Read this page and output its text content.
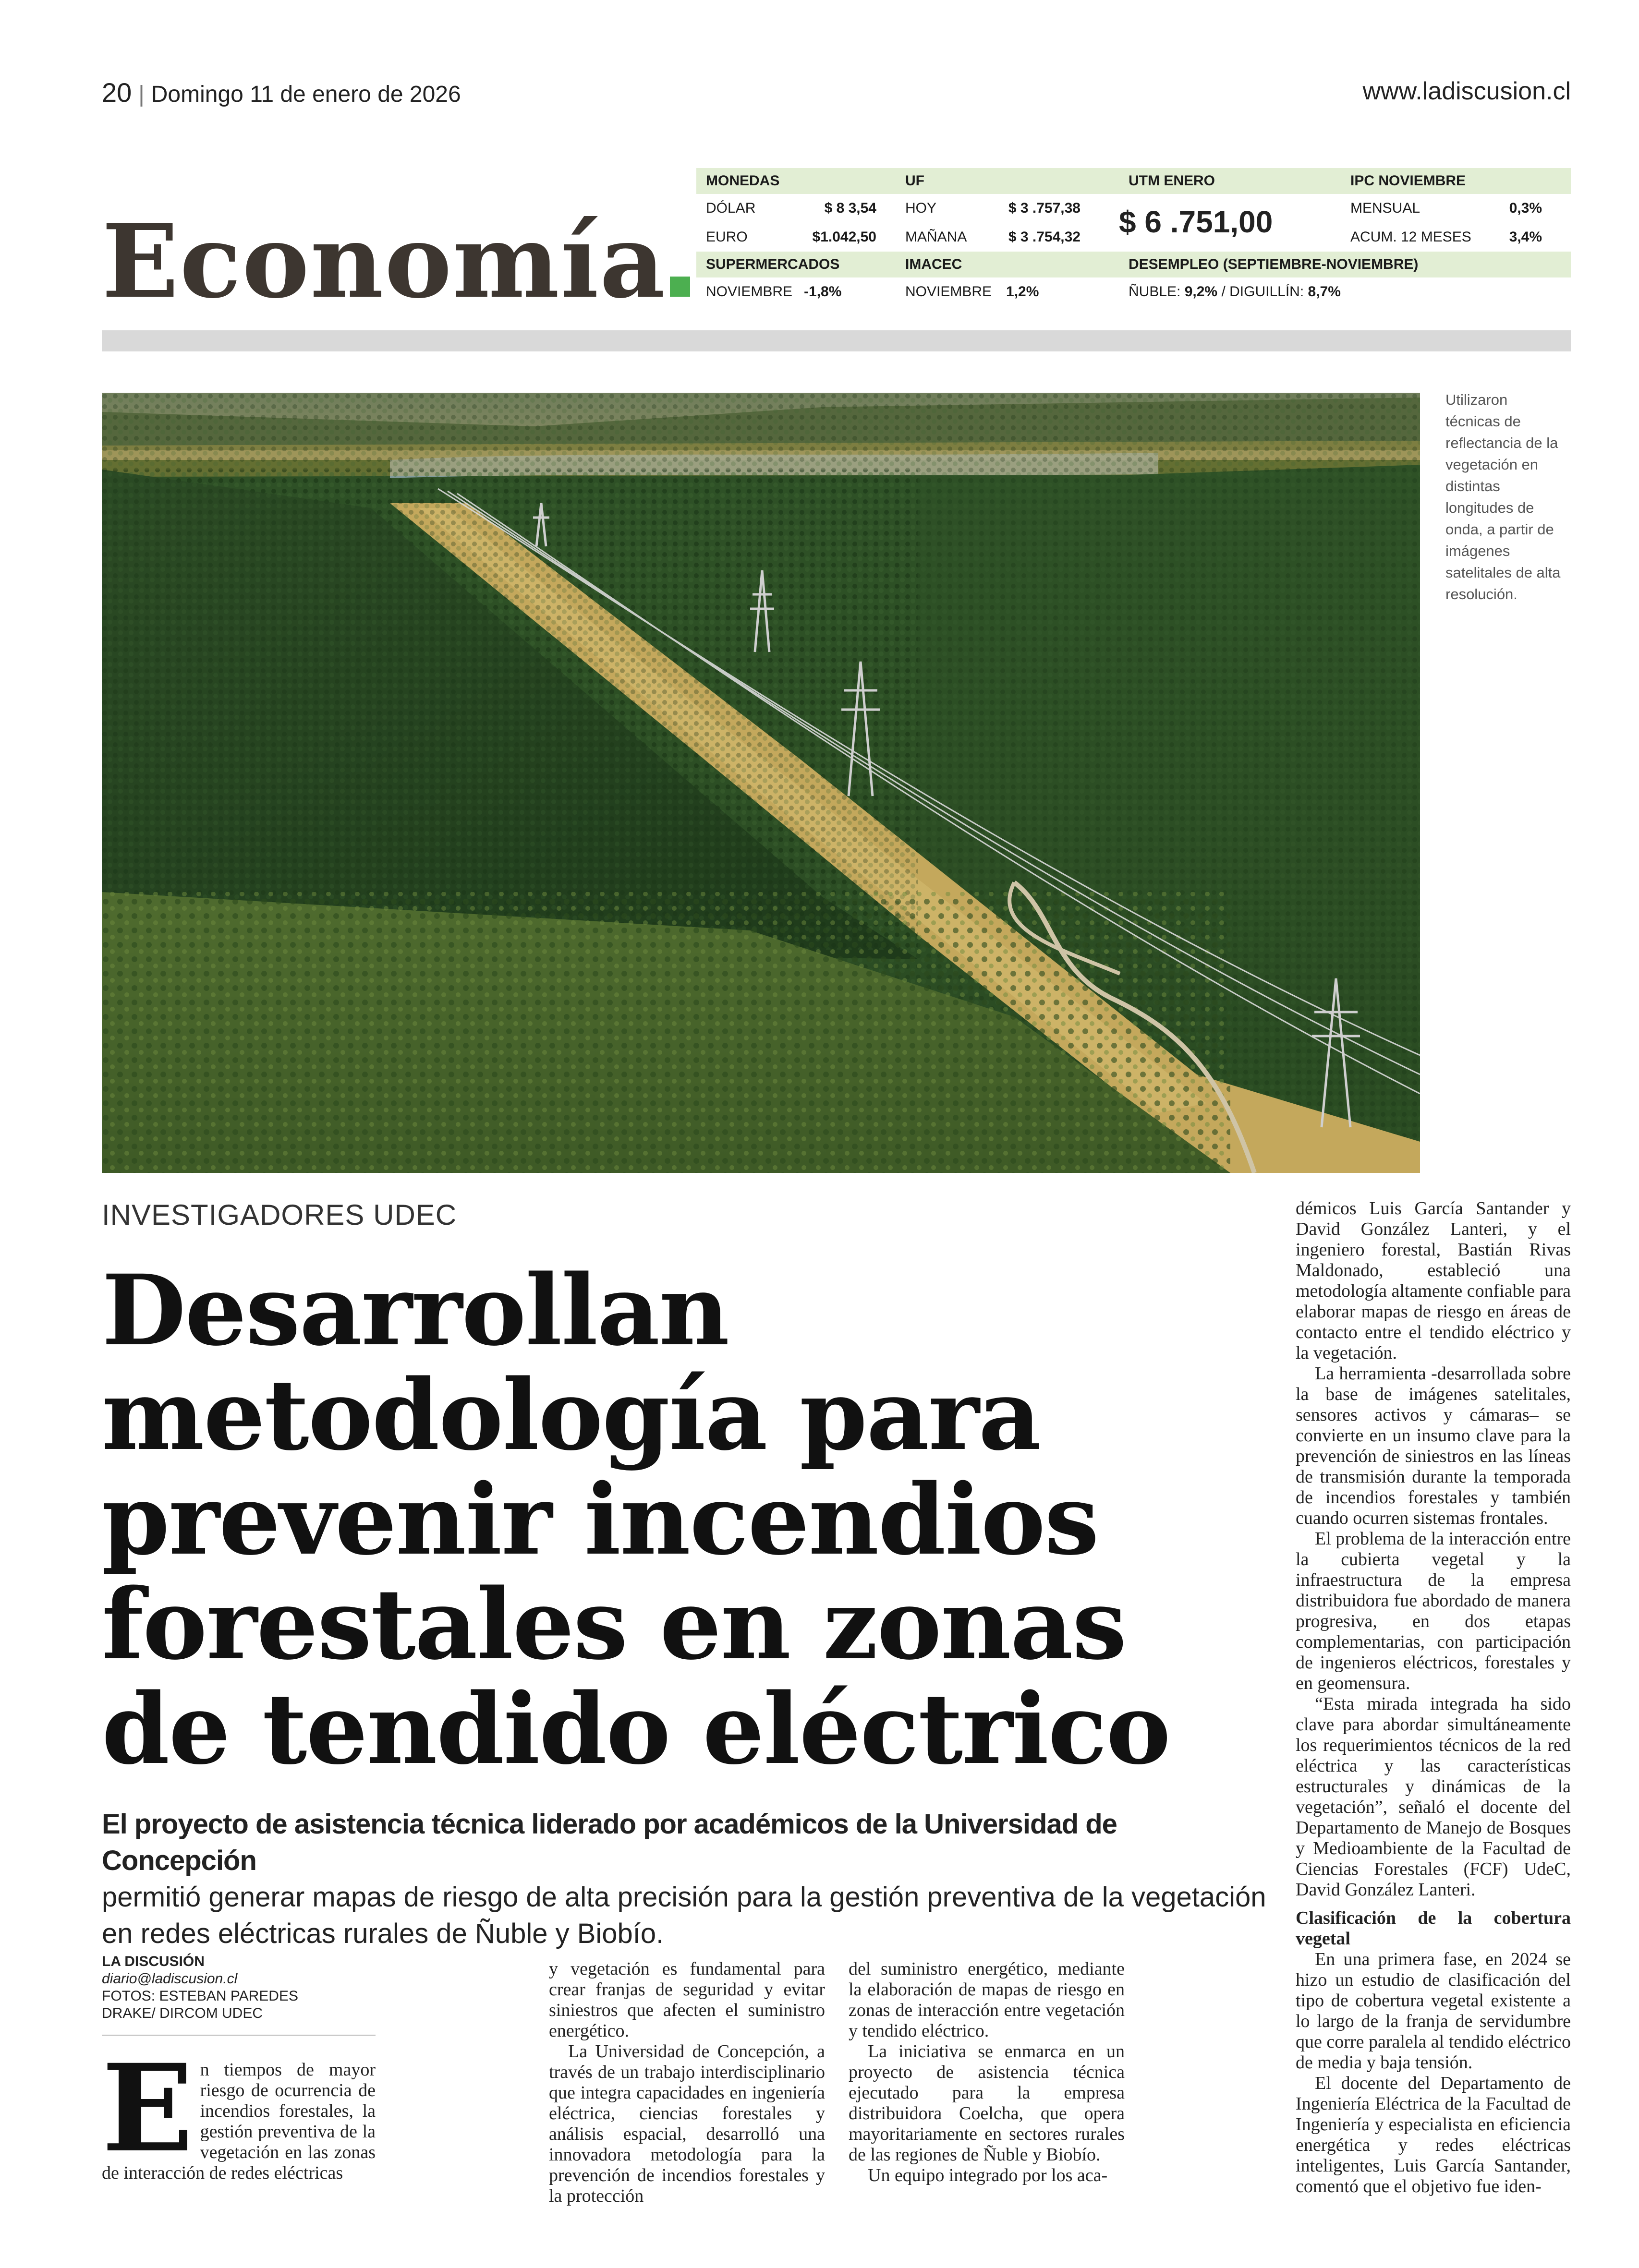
20 | Domingo 11 de enero de 2026	www.ladiscusion.cl
Economía
MONEDAS	UF	UTM ENERO	IPC NOVIEMBRE
DÓLAR	$ 8 3,54 HOY	$ 3 .757,38	MENSUAL	0,3%
EURO	$1.042,50 MAÑANA	$ 3 .754,32	ACUM. 12 MESES	3,4%
SUPERMERCADOS	IMACEC	DESEMPLEO (SEPTIEMBRE-NOVIEMBRE)
NOVIEMBRE -1,8%	NOVIEMBRE 1,2%	ÑUBLE: 9,2% / DIGUILLÍN: 8,7%
$ 6 .751,00
Utilizaron técnicas de reflectancia de la vegetación en distintas longitudes de onda, a partir de imágenes satelitales de alta resolución.
INVESTIGADORES UDEC
Desarrollan
metodología para
prevenir incendios
forestales en zonas
de tendido eléctrico
El proyecto de asistencia técnica liderado por académicos de la Universidad de Concepción
permitió generar mapas de riesgo de alta precisión para la gestión preventiva de la vegetación en redes eléctricas rurales de Ñuble y Biobío.
LA DISCUSIÓN
diario@ladiscusion.cl
FOTOS: ESTEBAN PAREDES DRAKE/ DIRCOM UDEC
E n tiempos de mayor riesgo de ocurrencia de incendios forestales, la gestión preventiva de la vegetación en las zonas de interacción de redes eléctricas

y vegetación es fundamental para crear franjas de seguridad y evitar siniestros que afecten el suministro energético.

La Universidad de Concepción, a través de un trabajo interdisciplinario que integra capacidades en ingeniería eléctrica, ciencias forestales y análisis espacial, desarrolló una innovadora metodología para la prevención de incendios forestales y la protección

del suministro energético, mediante la elaboración de mapas de riesgo en zonas de interacción entre vegetación y tendido eléctrico.

La iniciativa se enmarca en un proyecto de asistencia técnica ejecutado para la empresa distribuidora Coelcha, que opera mayoritariamente en sectores rurales de las regiones de Ñuble y Biobío.

Un equipo integrado por los aca-

démicos Luis García Santander y David González Lanteri, y el ingeniero forestal, Bastián Rivas Maldonado, estableció una metodología altamente confiable para elaborar mapas de riesgo en áreas de contacto entre el tendido eléctrico y la vegetación.

La herramienta -desarrollada sobre la base de imágenes satelitales, sensores activos y cámaras– se convierte en un insumo clave para la prevención de siniestros en las líneas de transmisión durante la temporada de incendios forestales y también cuando ocurren sistemas frontales.

El problema de la interacción entre la cubierta vegetal y la infraestructura de la empresa distribuidora fue abordado de manera progresiva, en dos etapas complementarias, con participación de ingenieros eléctricos, forestales y en geomensura.

“Esta mirada integrada ha sido clave para abordar simultáneamente los requerimientos técnicos de la red eléctrica y las características estructurales y dinámicas de la vegetación”, señaló el docente del Departamento de Manejo de Bosques y Medioambiente de la Facultad de Ciencias Forestales (FCF) UdeC, David González Lanteri.

Clasificación de la cobertura vegetal

En una primera fase, en 2024 se hizo un estudio de clasificación del tipo de cobertura vegetal existente a lo largo de la franja de servidumbre que corre paralela al tendido eléctrico de media y baja tensión.

El docente del Departamento de Ingeniería Eléctrica de la Facultad de Ingeniería y especialista en eficiencia energética y redes eléctricas inteligentes, Luis García Santander, comentó que el objetivo fue iden-
